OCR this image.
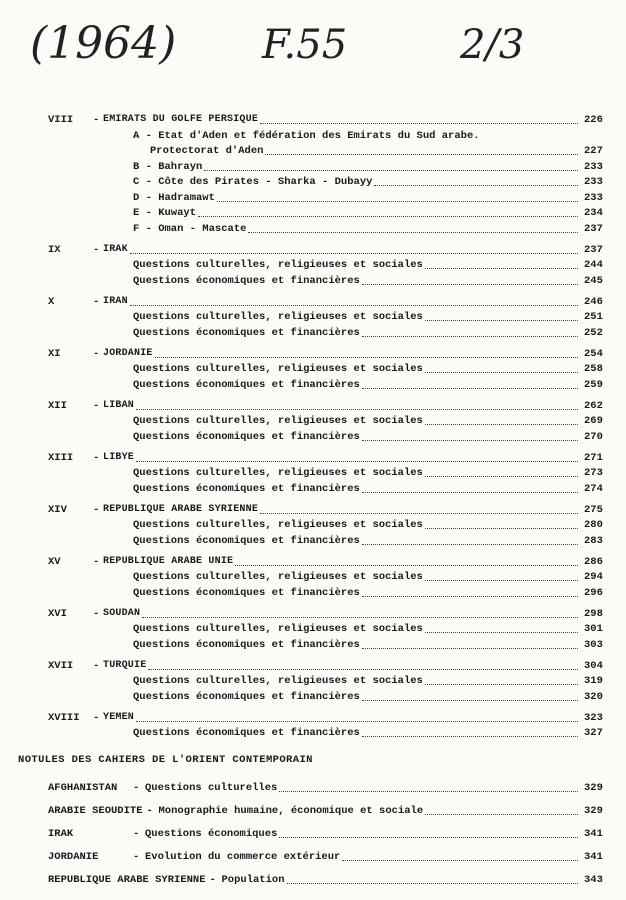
(1964) F.55	2/3
VIII - EMIRATS DU GOLFE PERSIQUE	226
A - Etat d'Aden et fédération des Emirats du Sud arabe.
Protectorat d'Aden	227
B - Bahrayn	233
C - Côte des Pirates - Sharka - Dubayy	233
D - Hadramawt	233
E - Kuwayt	234
F - Oman - Mascate	237
IX	- IRAK	237
Questions culturelles, religieuses et sociales	244
Questions économiques et financières	245
X	- IRAN	246
Questions culturelles, religieuses et sociales	251
Questions économiques et financières	252
XI	- JORDANIE	254
Questions culturelles, religieuses et sociales	258
Questions économiques et financières	259
XII - LIBAN	262
Questions culturelles, religieuses et sociales	269
Questions économiques et financières	270
XIII - LIBYE	271
Questions culturelles, religieuses et sociales	273
Questions économiques et financières	274
XIV - REPUBLIQUE ARABE SYRIENNE	275
Questions culturelles, religieuses et sociales	280
Questions économiques et financières	283
XV	- REPUBLIQUE ARABE UNIE	286
Questions culturelles, religieuses et sociales	294
Questions économiques et financières	296
XVI - SOUDAN	298
Questions culturelles, religieuses et sociales	301
Questions économiques et financières	303
XVII - TURQUIE	304
Questions culturelles, religieuses et sociales	319
Questions économiques et financières	320
XVIII - YEMEN	323
Questions économiques et financières	327
NOTULES DES CAHIERS DE L'ORIENT CONTEMPORAIN
AFGHANISTAN - Questions culturelles	329
ARABIE SEOUDITE - Monographie humaine, économique et sociale	329
IRAK	- Questions économiques	341
JORDANIE	- Evolution du commerce extérieur	341
REPUBLIQUE ARABE SYRIENNE - Population	343
